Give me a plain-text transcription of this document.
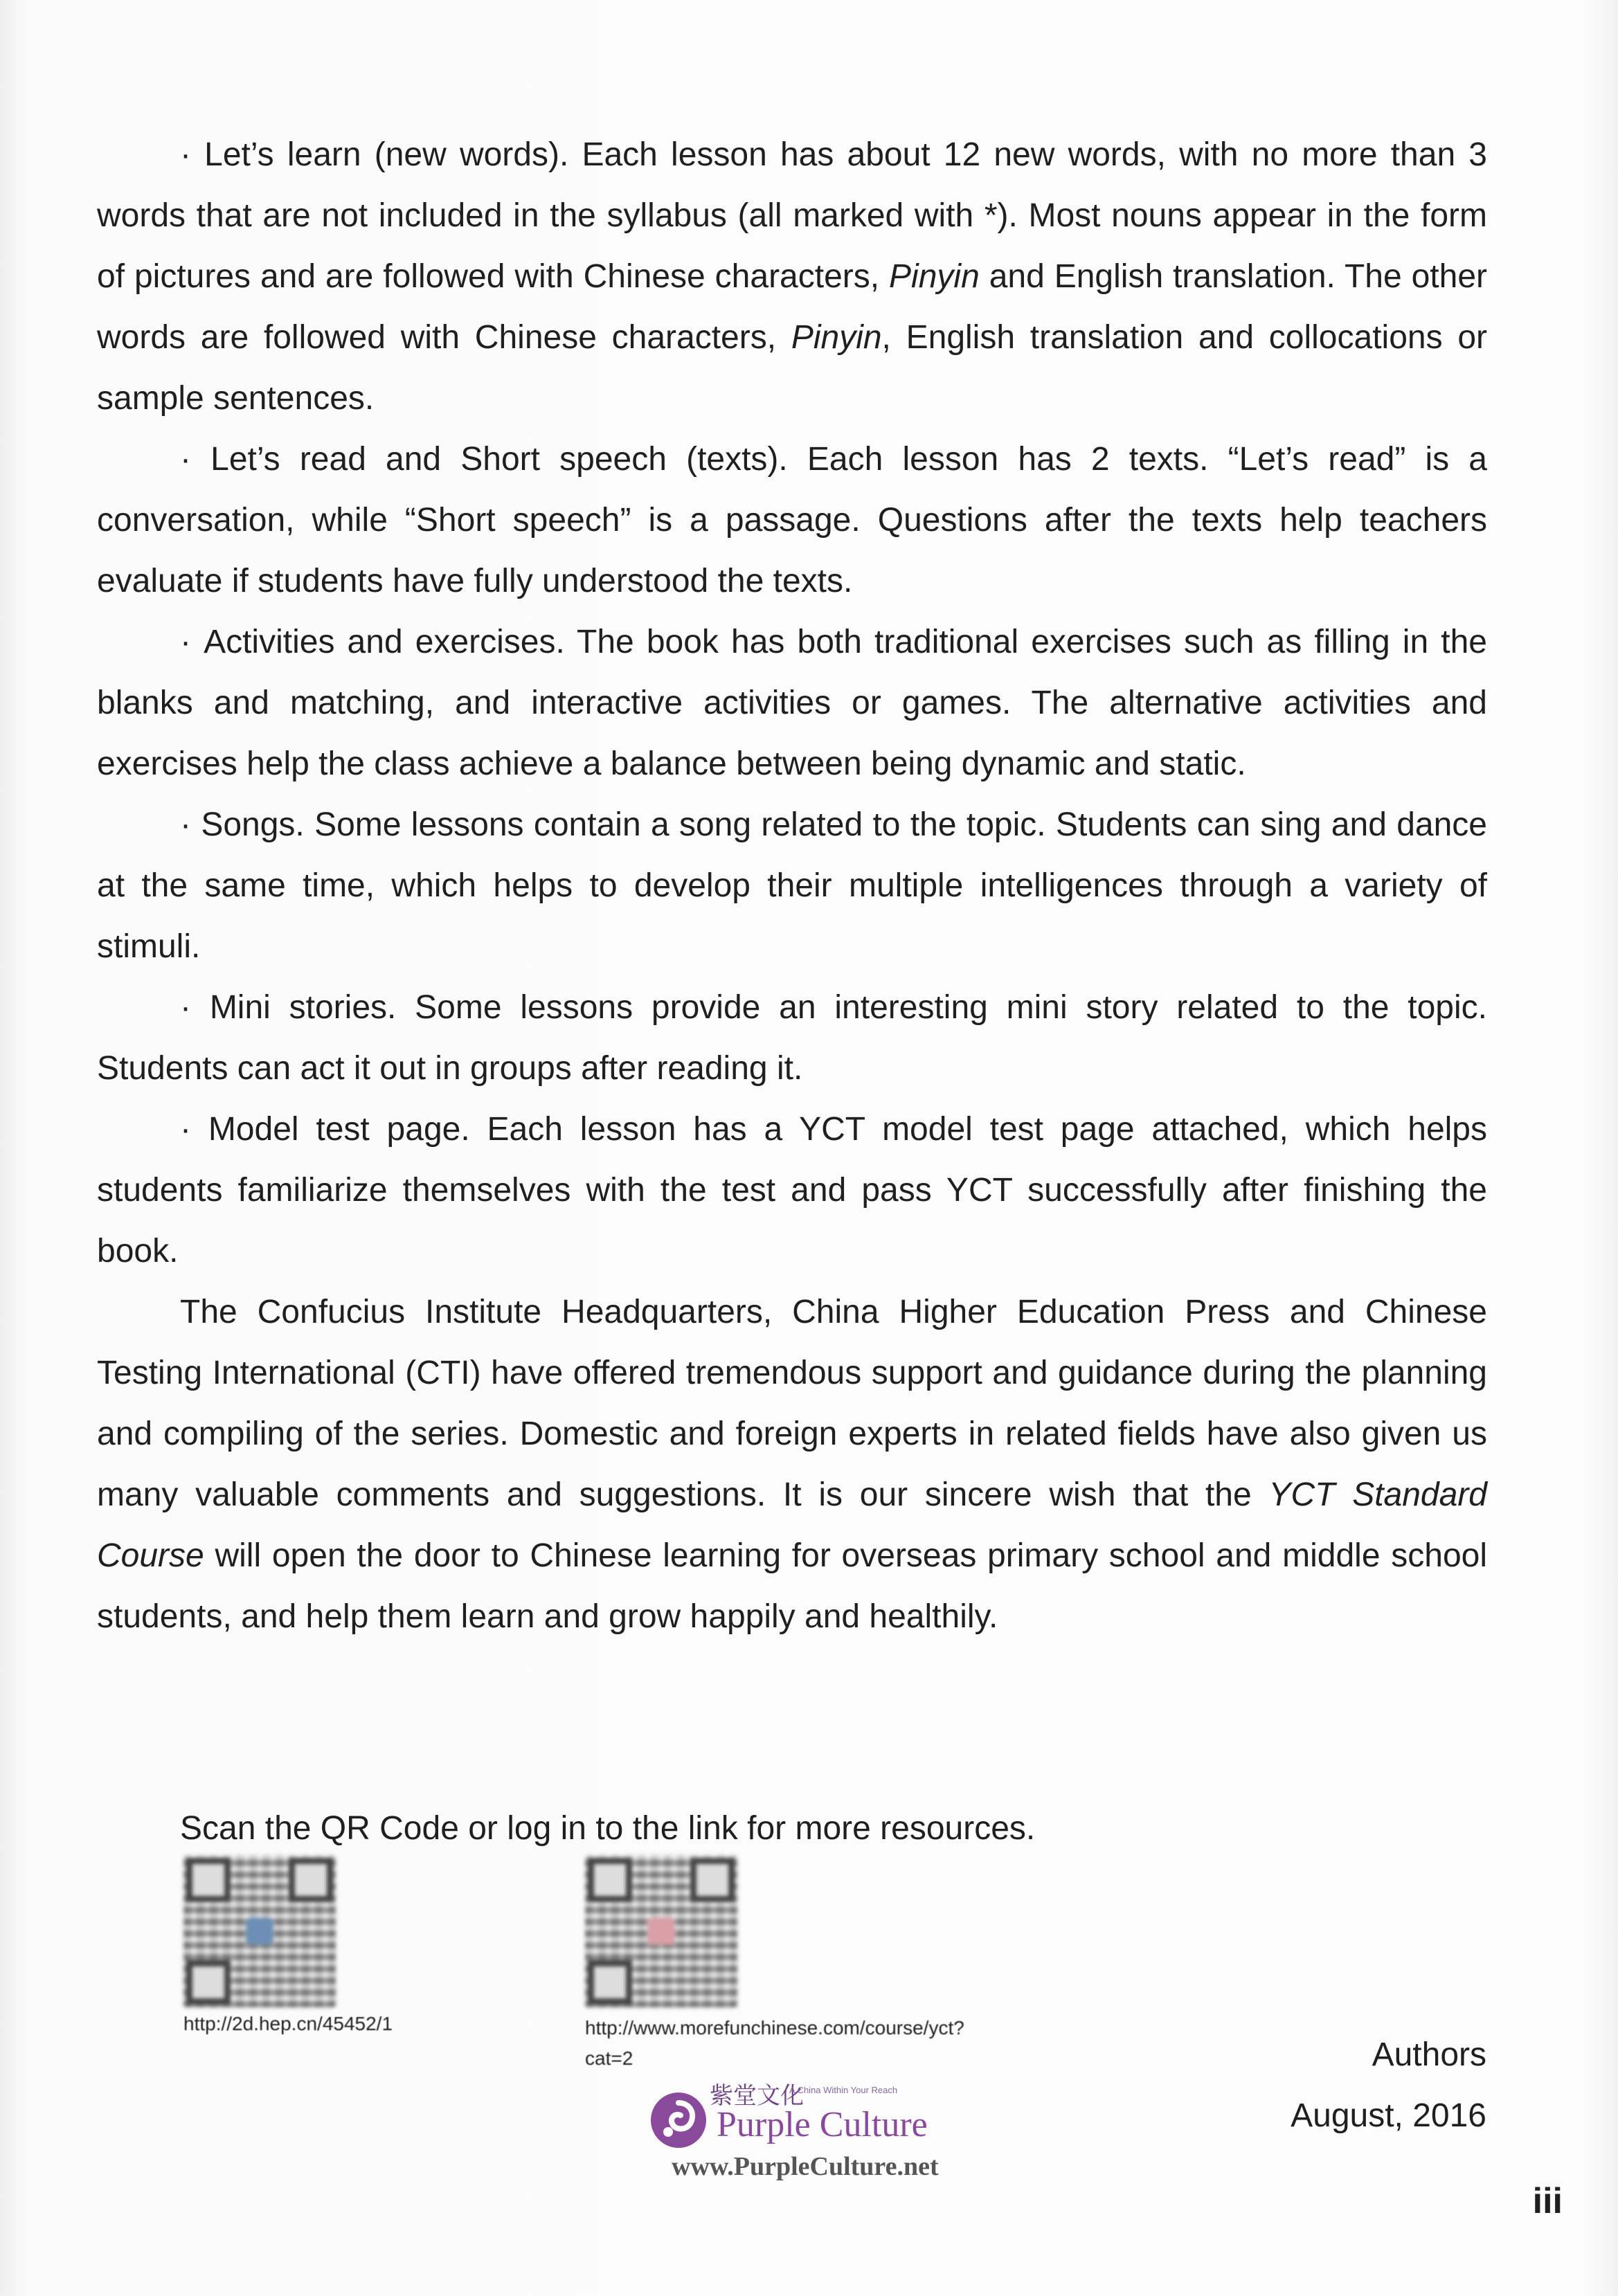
· Let’s learn (new words). Each lesson has about 12 new words, with no more than 3 words that are not included in the syllabus (all marked with *). Most nouns appear in the form of pictures and are followed with Chinese characters, Pinyin and English translation. The other words are followed with Chinese characters, Pinyin, English translation and collocations or sample sentences.

· Let’s read and Short speech (texts). Each lesson has 2 texts. “Let’s read” is a conversation, while “Short speech” is a passage. Questions after the texts help teachers evaluate if students have fully understood the texts.

· Activities and exercises. The book has both traditional exercises such as filling in the blanks and matching, and interactive activities or games. The alternative activities and exercises help the class achieve a balance between being dynamic and static.

· Songs. Some lessons contain a song related to the topic. Students can sing and dance at the same time, which helps to develop their multiple intelligences through a variety of stimuli.

· Mini stories. Some lessons provide an interesting mini story related to the topic. Students can act it out in groups after reading it.

· Model test page. Each lesson has a YCT model test page attached, which helps students familiarize themselves with the test and pass YCT successfully after finishing the book.

The Confucius Institute Headquarters, China Higher Education Press and Chinese Testing International (CTI) have offered tremendous support and guidance during the planning and compiling of the series. Domestic and foreign experts in related fields have also given us many valuable comments and suggestions. It is our sincere wish that the YCT Standard Course will open the door to Chinese learning for overseas primary school and middle school students, and help them learn and grow happily and healthily.

Scan the QR Code or log in to the link for more resources.
http://2d.hep.cn/45452/1	http://www.morefunchinese.com/course/yct?cat=2	Authors
August, 2016
紫堂文化
A China Within Your Reach
Purple Culture
www.PurpleCulture.net
iii
